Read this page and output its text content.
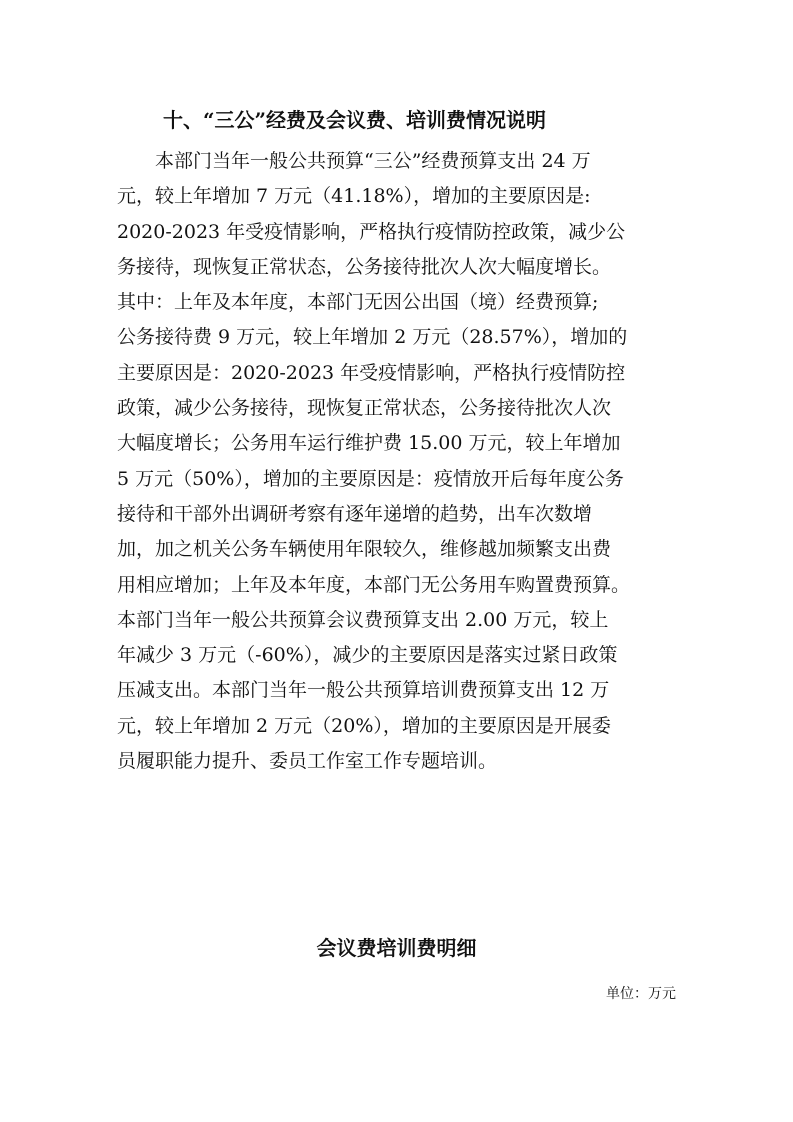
十、“三公”经费及会议费、培训费情况说明
本部门当年一般公共预算“三公”经费预算支出 24 万
元，较上年增加 7 万元（41.18%），增加的主要原因是:
2020-2023 年受疫情影响，严格执行疫情防控政策，减少公
务接待，现恢复正常状态，公务接待批次人次大幅度增长。
其中：上年及本年度，本部门无因公出国（境）经费预算;
公务接待费 9 万元，较上年增加 2 万元（28.57%），增加的
主要原因是：2020-2023 年受疫情影响，严格执行疫情防控
政策，减少公务接待，现恢复正常状态，公务接待批次人次
大幅度增长；公务用车运行维护费 15.00 万元，较上年增加
5 万元（50%），增加的主要原因是：疫情放开后每年度公务
接待和干部外出调研考察有逐年递增的趋势，出车次数增
加，加之机关公务车辆使用年限较久，维修越加频繁支出费
用相应增加；上年及本年度，本部门无公务用车购置费预算。
本部门当年一般公共预算会议费预算支出 2.00 万元，较上
年减少 3 万元（-60%），减少的主要原因是落实过紧日政策
压减支出。本部门当年一般公共预算培训费预算支出 12 万
元，较上年增加 2 万元（20%），增加的主要原因是开展委
员履职能力提升、委员工作室工作专题培训。
会议费培训费明细
单位：万元
